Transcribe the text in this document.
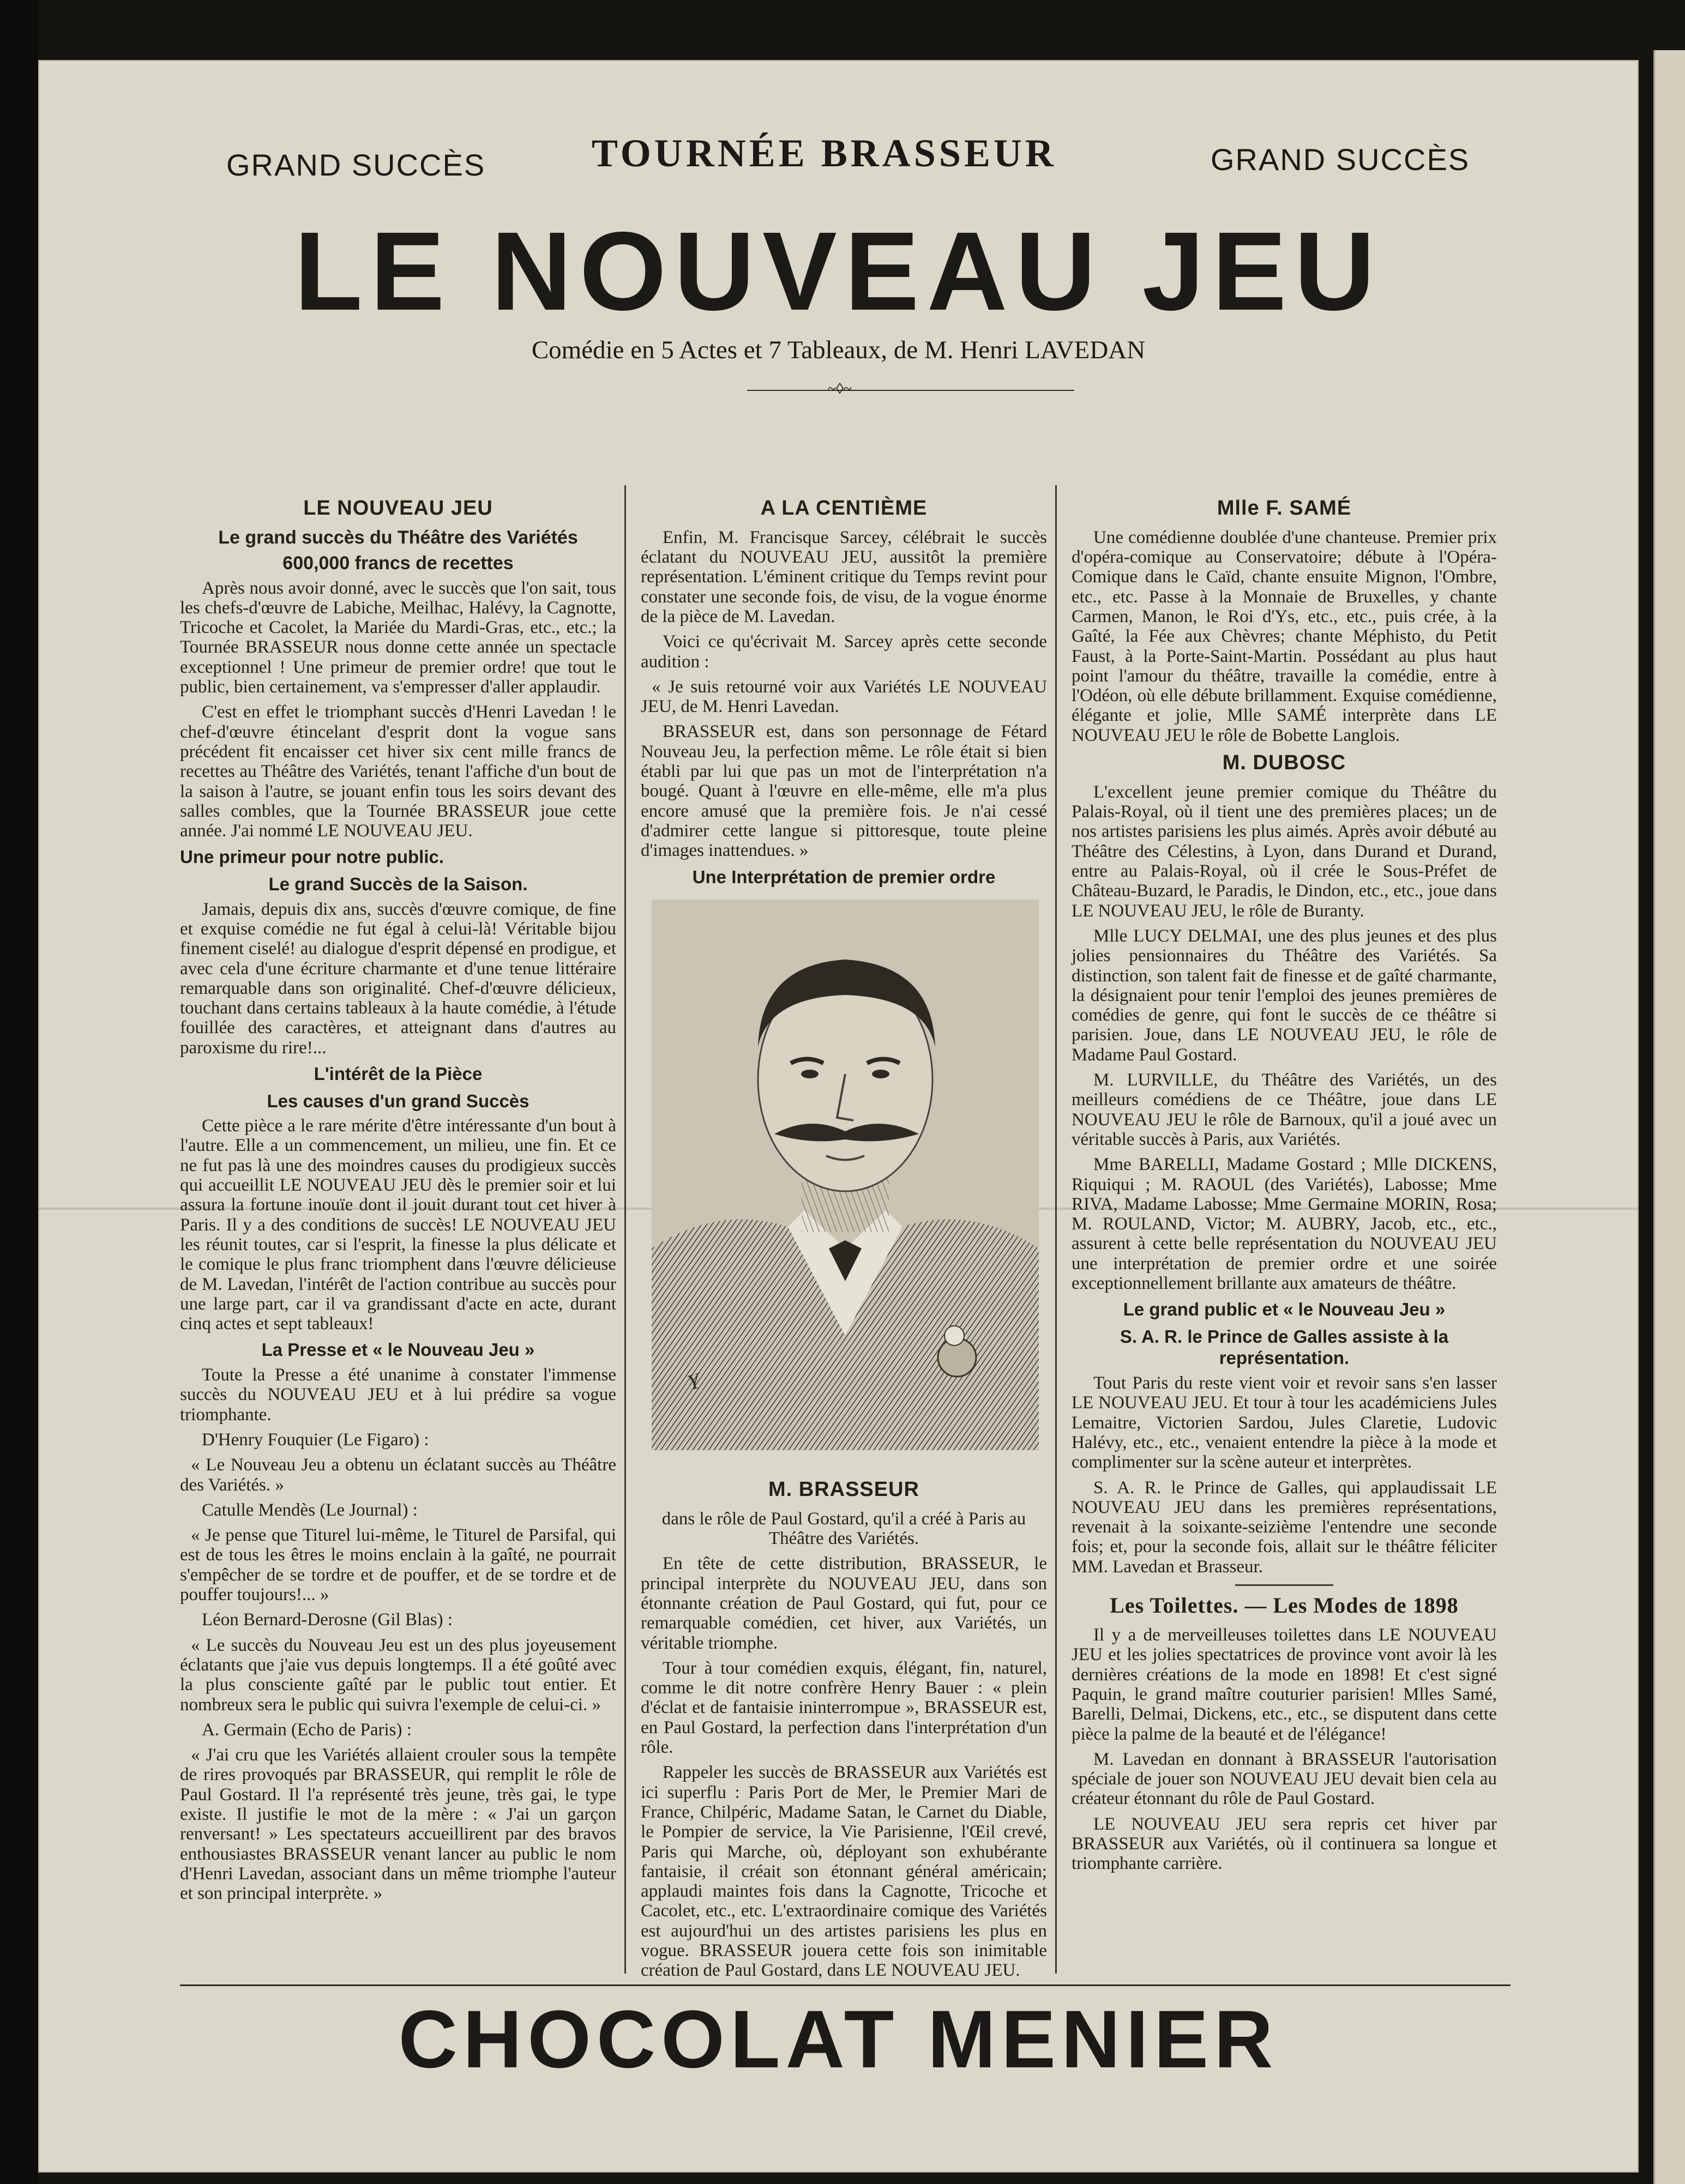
GRAND SUCCÈS	TOURNÉE BRASSEUR	GRAND SUCCÈS
LE NOUVEAU JEU
Comédie en 5 Actes et 7 Tableaux, de M. Henri LAVEDAN
~◊~
LE NOUVEAU JEU
Le grand succès du Théâtre des Variétés
600,000 francs de recettes

Après nous avoir donné, avec le succès que l'on sait, tous les chefs-d'œuvre de Labiche, Meilhac, Halévy, la Cagnotte, Tricoche et Cacolet, la Mariée du Mardi-Gras, etc., etc.; la Tournée BRASSEUR nous donne cette année un spectacle exceptionnel ! Une primeur de premier ordre! que tout le public, bien certainement, va s'empresser d'aller applaudir.

C'est en effet le triomphant succès d'Henri Lavedan ! le chef-d'œuvre étincelant d'esprit dont la vogue sans précédent fit encaisser cet hiver six cent mille francs de recettes au Théâtre des Variétés, tenant l'affiche d'un bout de la saison à l'autre, se jouant enfin tous les soirs devant des salles combles, que la Tournée BRASSEUR joue cette année. J'ai nommé LE NOUVEAU JEU.

Une primeur pour notre public.
Le grand Succès de la Saison.

Jamais, depuis dix ans, succès d'œuvre comique, de fine et exquise comédie ne fut égal à celui-là! Véritable bijou finement ciselé! au dialogue d'esprit dépensé en prodigue, et avec cela d'une écriture charmante et d'une tenue littéraire remarquable dans son originalité. Chef-d'œuvre délicieux, touchant dans certains tableaux à la haute comédie, à l'étude fouillée des caractères, et atteignant dans d'autres au paroxisme du rire!...

L'intérêt de la Pièce
Les causes d'un grand Succès

Cette pièce a le rare mérite d'être intéressante d'un bout à l'autre. Elle a un commencement, un milieu, une fin. Et ce ne fut pas là une des moindres causes du prodigieux succès qui accueillit LE NOUVEAU JEU dès le premier soir et lui assura la fortune inouïe dont il jouit durant tout cet hiver à Paris. Il y a des conditions de succès! LE NOUVEAU JEU les réunit toutes, car si l'esprit, la finesse la plus délicate et le comique le plus franc triomphent dans l'œuvre délicieuse de M. Lavedan, l'intérêt de l'action contribue au succès pour une large part, car il va grandissant d'acte en acte, durant cinq actes et sept tableaux!

La Presse et « le Nouveau Jeu »

Toute la Presse a été unanime à constater l'immense succès du NOUVEAU JEU et à lui prédire sa vogue triomphante.

D'Henry Fouquier (Le Figaro) :

« Le Nouveau Jeu a obtenu un éclatant succès au Théâtre des Variétés. »

Catulle Mendès (Le Journal) :

« Je pense que Titurel lui-même, le Titurel de Parsifal, qui est de tous les êtres le moins enclain à la gaîté, ne pourrait s'empêcher de se tordre et de pouffer, et de se tordre et de pouffer toujours!... »

Léon Bernard-Derosne (Gil Blas) :

« Le succès du Nouveau Jeu est un des plus joyeusement éclatants que j'aie vus depuis longtemps. Il a été goûté avec la plus consciente gaîté par le public tout entier. Et nombreux sera le public qui suivra l'exemple de celui-ci. »

A. Germain (Echo de Paris) :

« J'ai cru que les Variétés allaient crouler sous la tempête de rires provoqués par BRASSEUR, qui remplit le rôle de Paul Gostard. Il l'a représenté très jeune, très gai, le type existe. Il justifie le mot de la mère : « J'ai un garçon renversant! » Les spectateurs accueillirent par des bravos enthousiastes BRASSEUR venant lancer au public le nom d'Henri Lavedan, associant dans un même triomphe l'auteur et son principal interprète. »

A LA CENTIÈME

Enfin, M. Francisque Sarcey, célébrait le succès éclatant du NOUVEAU JEU, aussitôt la première représentation. L'éminent critique du Temps revint pour constater une seconde fois, de visu, de la vogue énorme de la pièce de M. Lavedan.

Voici ce qu'écrivait M. Sarcey après cette seconde audition :

« Je suis retourné voir aux Variétés LE NOUVEAU JEU, de M. Henri Lavedan.

BRASSEUR est, dans son personnage de Fétard Nouveau Jeu, la perfection même. Le rôle était si bien établi par lui que pas un mot de l'interprétation n'a bougé. Quant à l'œuvre en elle-même, elle m'a plus encore amusé que la première fois. Je n'ai cessé d'admirer cette langue si pittoresque, toute pleine d'images inattendues. »

Une Interprétation de premier ordre
Y
M. BRASSEUR

dans le rôle de Paul Gostard, qu'il a créé à Paris au Théâtre des Variétés.

En tête de cette distribution, BRASSEUR, le principal interprète du NOUVEAU JEU, dans son étonnante création de Paul Gostard, qui fut, pour ce remarquable comédien, cet hiver, aux Variétés, un véritable triomphe.

Tour à tour comédien exquis, élégant, fin, naturel, comme le dit notre confrère Henry Bauer : « plein d'éclat et de fantaisie ininterrompue », BRASSEUR est, en Paul Gostard, la perfection dans l'interprétation d'un rôle.

Rappeler les succès de BRASSEUR aux Variétés est ici superflu : Paris Port de Mer, le Premier Mari de France, Chilpéric, Madame Satan, le Carnet du Diable, le Pompier de service, la Vie Parisienne, l'Œil crevé, Paris qui Marche, où, déployant son exhubérante fantaisie, il créait son étonnant général américain; applaudi maintes fois dans la Cagnotte, Tricoche et Cacolet, etc., etc. L'extraordinaire comique des Variétés est aujourd'hui un des artistes parisiens les plus en vogue. BRASSEUR jouera cette fois son inimitable création de Paul Gostard, dans LE NOUVEAU JEU.

Mlle F. SAMÉ

Une comédienne doublée d'une chanteuse. Premier prix d'opéra-comique au Conservatoire; débute à l'Opéra-Comique dans le Caïd, chante ensuite Mignon, l'Ombre, etc., etc. Passe à la Monnaie de Bruxelles, y chante Carmen, Manon, le Roi d'Ys, etc., etc., puis crée, à la Gaîté, la Fée aux Chèvres; chante Méphisto, du Petit Faust, à la Porte-Saint-Martin. Possédant au plus haut point l'amour du théâtre, travaille la comédie, entre à l'Odéon, où elle débute brillamment. Exquise comédienne, élégante et jolie, Mlle SAMÉ interprète dans LE NOUVEAU JEU le rôle de Bobette Langlois.

M. DUBOSC

L'excellent jeune premier comique du Théâtre du Palais-Royal, où il tient une des premières places; un de nos artistes parisiens les plus aimés. Après avoir débuté au Théâtre des Célestins, à Lyon, dans Durand et Durand, entre au Palais-Royal, où il crée le Sous-Préfet de Château-Buzard, le Paradis, le Dindon, etc., etc., joue dans LE NOUVEAU JEU, le rôle de Buranty.

Mlle LUCY DELMAI, une des plus jeunes et des plus jolies pensionnaires du Théâtre des Variétés. Sa distinction, son talent fait de finesse et de gaîté charmante, la désignaient pour tenir l'emploi des jeunes premières de comédies de genre, qui font le succès de ce théâtre si parisien. Joue, dans LE NOUVEAU JEU, le rôle de Madame Paul Gostard.

M. LURVILLE, du Théâtre des Variétés, un des meilleurs comédiens de ce Théâtre, joue dans LE NOUVEAU JEU le rôle de Barnoux, qu'il a joué avec un véritable succès à Paris, aux Variétés.

Mme BARELLI, Madame Gostard ; Mlle DICKENS, Riquiqui ; M. RAOUL (des Variétés), Labosse; Mme RIVA, Madame Labosse; Mme Germaine MORIN, Rosa; M. ROULAND, Victor; M. AUBRY, Jacob, etc., etc., assurent à cette belle représentation du NOUVEAU JEU une interprétation de premier ordre et une soirée exceptionnellement brillante aux amateurs de théâtre.

Le grand public et « le Nouveau Jeu »
S. A. R. le Prince de Galles assiste à la représentation.

Tout Paris du reste vient voir et revoir sans s'en lasser LE NOUVEAU JEU. Et tour à tour les académiciens Jules Lemaitre, Victorien Sardou, Jules Claretie, Ludovic Halévy, etc., etc., venaient entendre la pièce à la mode et complimenter sur la scène auteur et interprètes.

S. A. R. le Prince de Galles, qui applaudissait LE NOUVEAU JEU dans les premières représentations, revenait à la soixante-seizième l'entendre une seconde fois; et, pour la seconde fois, allait sur le théâtre féliciter MM. Lavedan et Brasseur.

Les Toilettes. — Les Modes de 1898

Il y a de merveilleuses toilettes dans LE NOUVEAU JEU et les jolies spectatrices de province vont avoir là les dernières créations de la mode en 1898! Et c'est signé Paquin, le grand maître couturier parisien! Mlles Samé, Barelli, Delmai, Dickens, etc., etc., se disputent dans cette pièce la palme de la beauté et de l'élégance!

M. Lavedan en donnant à BRASSEUR l'autorisation spéciale de jouer son NOUVEAU JEU devait bien cela au créateur étonnant du rôle de Paul Gostard.

LE NOUVEAU JEU sera repris cet hiver par BRASSEUR aux Variétés, où il continuera sa longue et triomphante carrière.

CHOCOLAT MENIER
